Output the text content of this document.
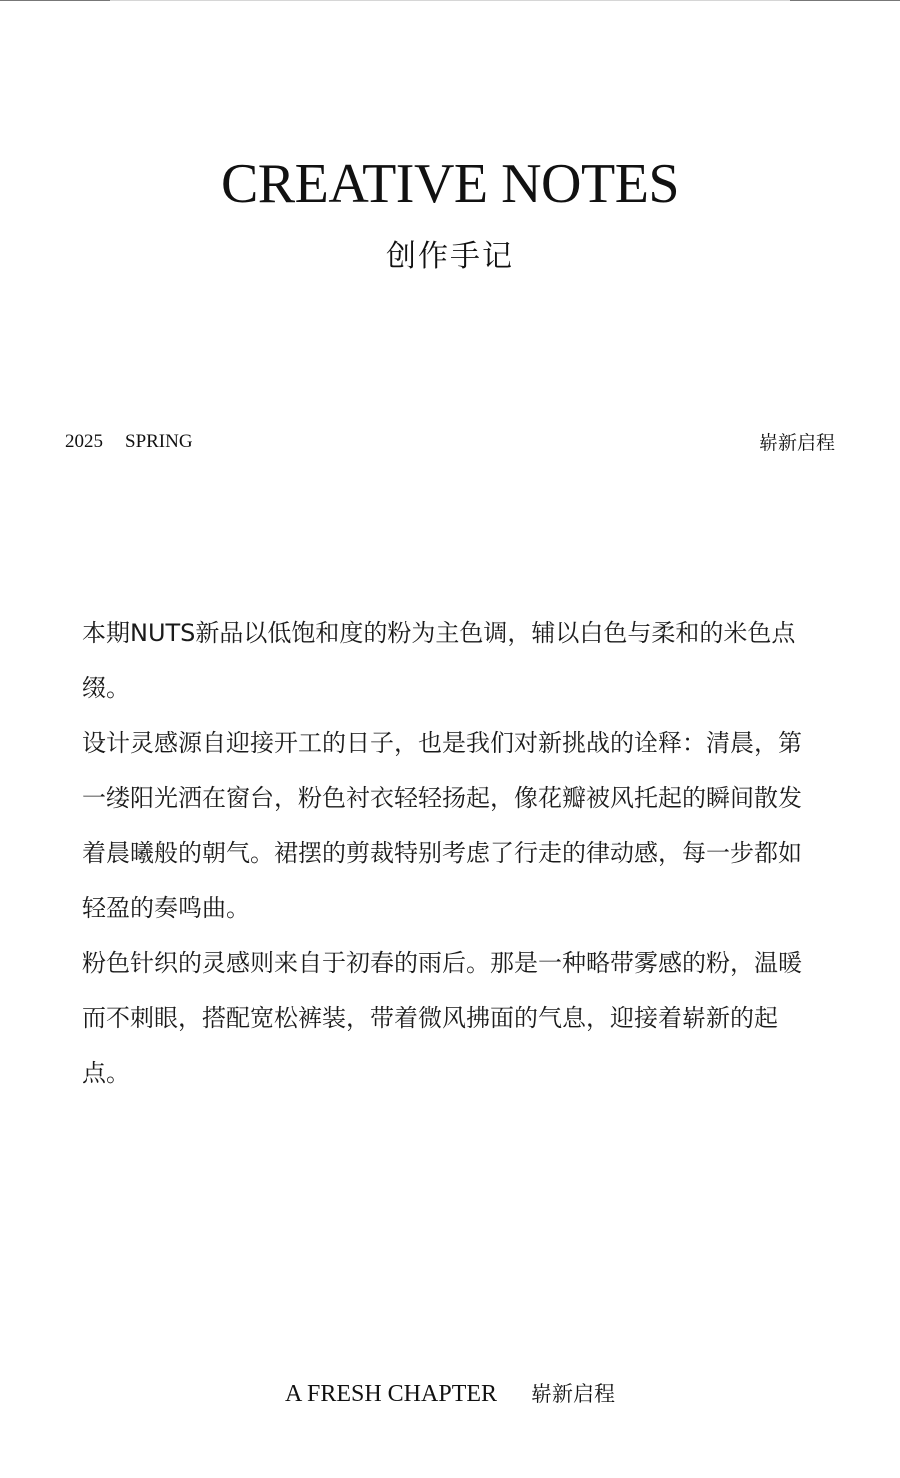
CREATIVE NOTES
创作手记
2025 SPRING	崭新启程

本期NUTS新品以低饱和度的粉为主色调，辅以白色与柔和的米色点缀。

设计灵感源自迎接开工的日子，也是我们对新挑战的诠释：清晨，第一缕阳光洒在窗台，粉色衬衣轻轻扬起，像花瓣被风托起的瞬间散发着晨曦般的朝气。裙摆的剪裁特别考虑了行走的律动感，每一步都如轻盈的奏鸣曲。

粉色针织的灵感则来自于初春的雨后。那是一种略带雾感的粉，温暖而不刺眼，搭配宽松裤装，带着微风拂面的气息，迎接着崭新的起点。

A FRESH CHAPTER 崭新启程
